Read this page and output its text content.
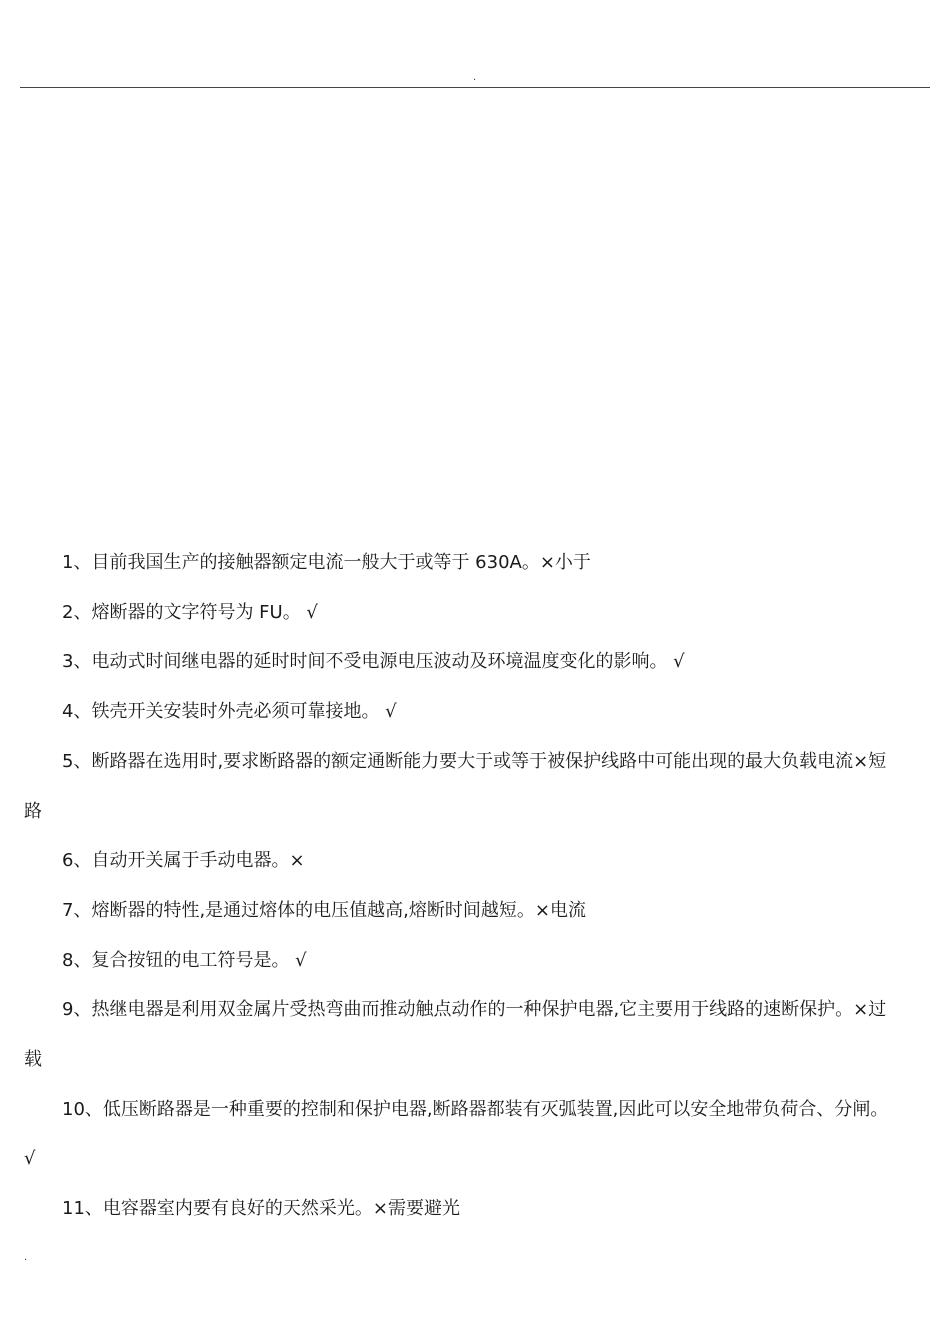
.

1、目前我国生产的接触器额定电流一般大于或等于 630A。×小于

2、熔断器的文字符号为 FU。 √

3、电动式时间继电器的延时时间不受电源电压波动及环境温度变化的影响。 √

4、铁壳开关安装时外壳必须可靠接地。 √

5、断路器在选用时,要求断路器的额定通断能力要大于或等于被保护线路中可能出现的最大负载电流×短路

6、自动开关属于手动电器。×

7、熔断器的特性,是通过熔体的电压值越高,熔断时间越短。×电流

8、复合按钮的电工符号是。 √

9、热继电器是利用双金属片受热弯曲而推动触点动作的一种保护电器,它主要用于线路的速断保护。×过载

10、低压断路器是一种重要的控制和保护电器,断路器都装有灭弧装置,因此可以安全地带负荷合、分闸。 √

11、电容器室内要有良好的天然采光。×需要避光

.
